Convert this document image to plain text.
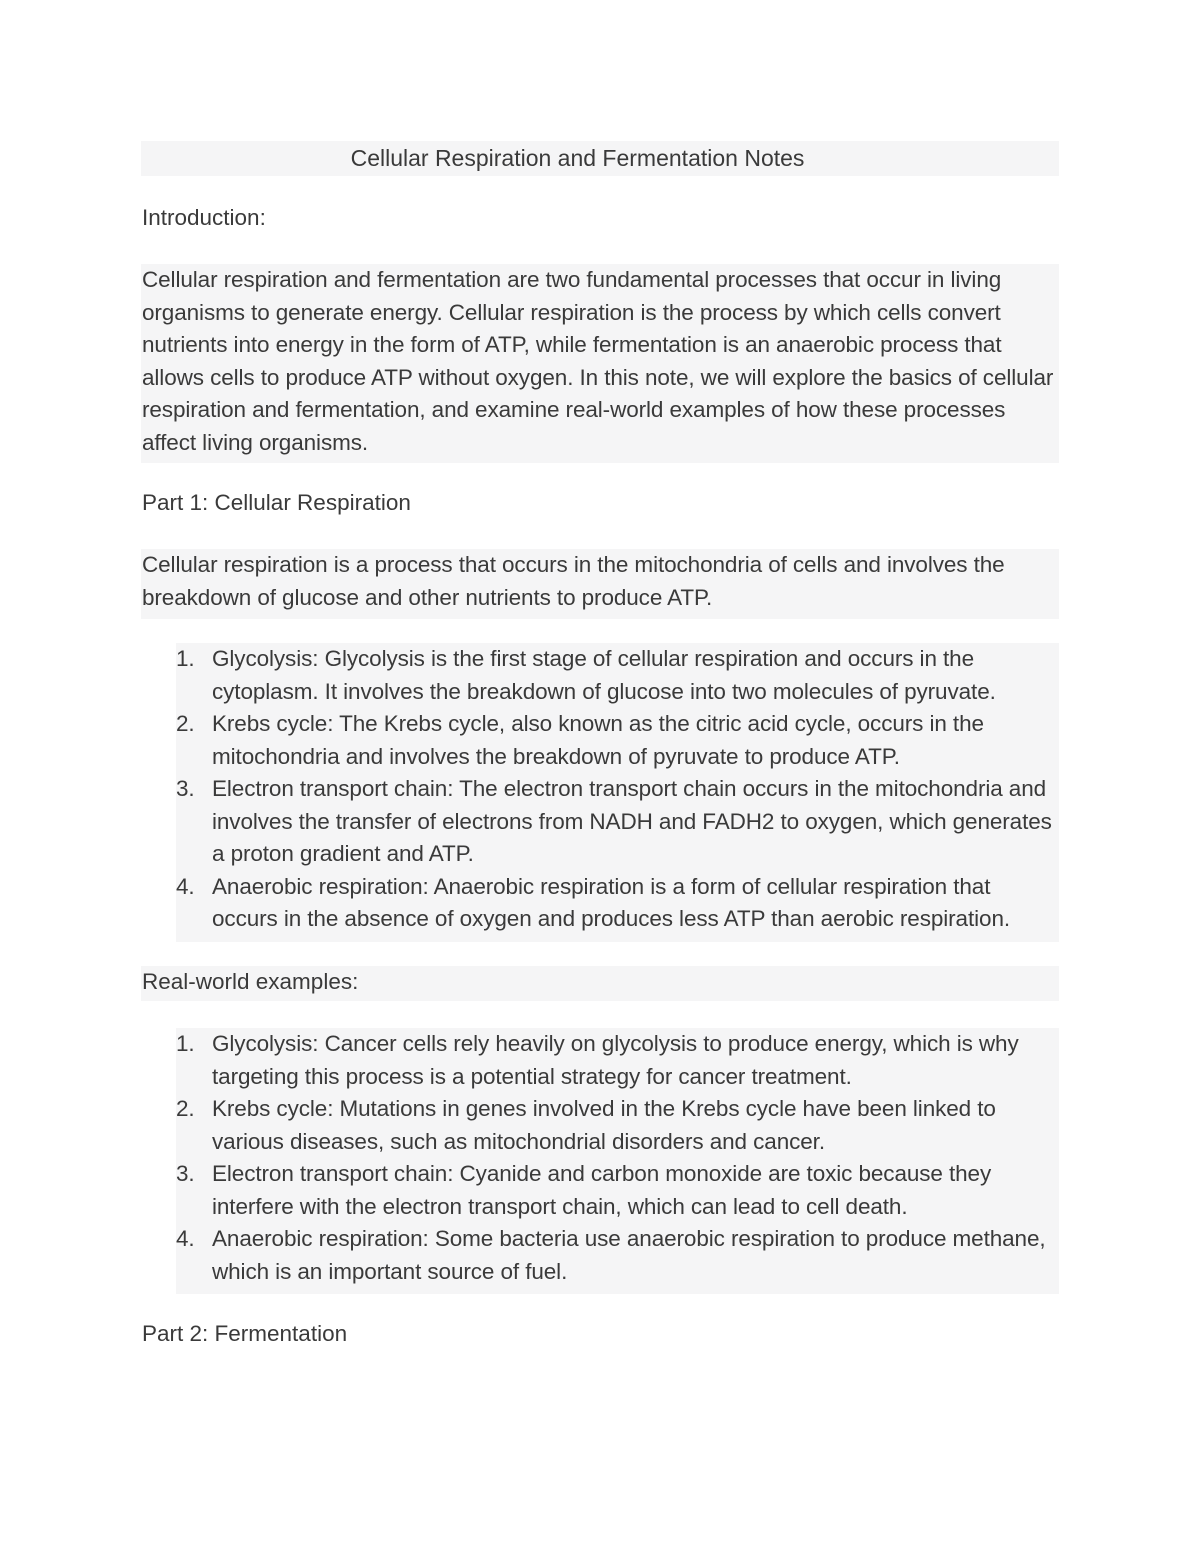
Cellular Respiration and Fermentation Notes
Introduction:
Cellular respiration and fermentation are two fundamental processes that occur in living organisms to generate energy. Cellular respiration is the process by which cells convert nutrients into energy in the form of ATP, while fermentation is an anaerobic process that allows cells to produce ATP without oxygen. In this note, we will explore the basics of cellular respiration and fermentation, and examine real-world examples of how these processes affect living organisms.
Part 1: Cellular Respiration
Cellular respiration is a process that occurs in the mitochondria of cells and involves the breakdown of glucose and other nutrients to produce ATP.
1. Glycolysis: Glycolysis is the first stage of cellular respiration and occurs in the cytoplasm. It involves the breakdown of glucose into two molecules of pyruvate.
2. Krebs cycle: The Krebs cycle, also known as the citric acid cycle, occurs in the mitochondria and involves the breakdown of pyruvate to produce ATP.
3. Electron transport chain: The electron transport chain occurs in the mitochondria and involves the transfer of electrons from NADH and FADH2 to oxygen, which generates a proton gradient and ATP.
4. Anaerobic respiration: Anaerobic respiration is a form of cellular respiration that occurs in the absence of oxygen and produces less ATP than aerobic respiration.
Real-world examples:
1. Glycolysis: Cancer cells rely heavily on glycolysis to produce energy, which is why targeting this process is a potential strategy for cancer treatment.
2. Krebs cycle: Mutations in genes involved in the Krebs cycle have been linked to various diseases, such as mitochondrial disorders and cancer.
3. Electron transport chain: Cyanide and carbon monoxide are toxic because they interfere with the electron transport chain, which can lead to cell death.
4. Anaerobic respiration: Some bacteria use anaerobic respiration to produce methane, which is an important source of fuel.
Part 2: Fermentation
